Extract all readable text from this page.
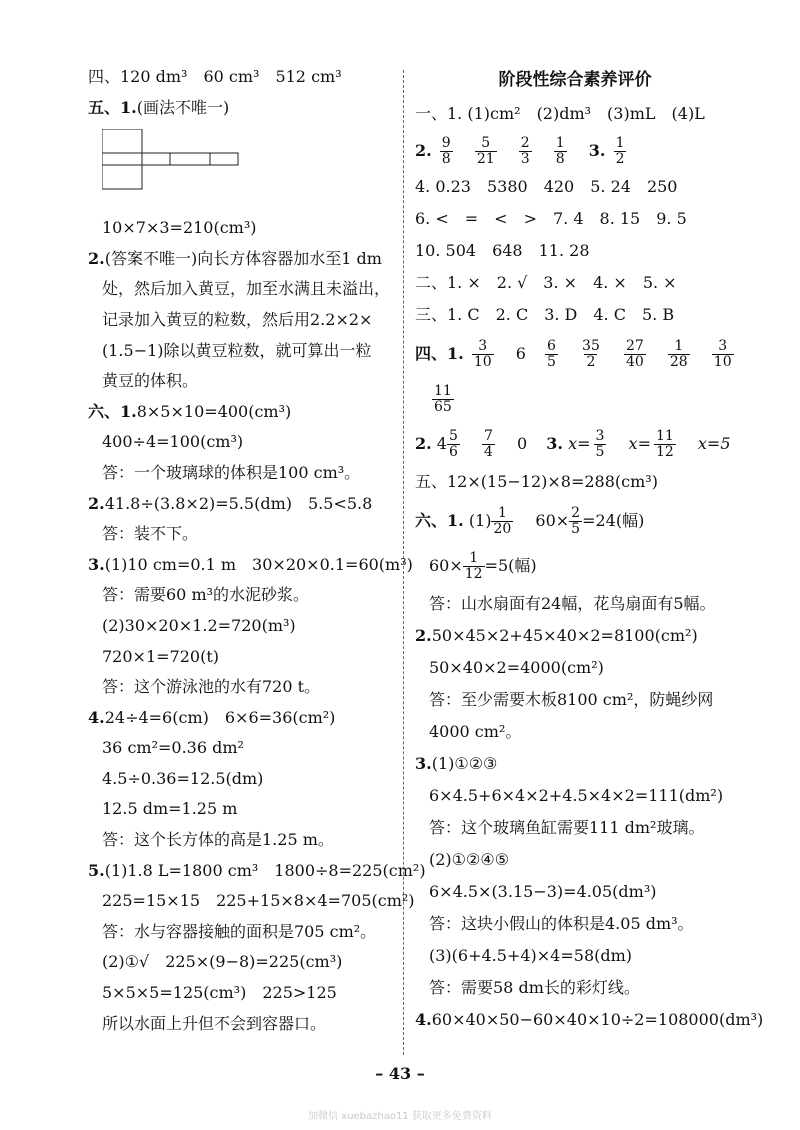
四、120 dm³　60 cm³　512 cm³
五、1.(画法不唯一)
10×7×3=210(cm³)
2.(答案不唯一)向长方体容器加水至1 dm
处，然后加入黄豆，加至水满且未溢出，
记录加入黄豆的粒数，然后用2.2×2×
(1.5−1)除以黄豆粒数，就可算出一粒
黄豆的体积。
六、1.8×5×10=400(cm³)
400÷4=100(cm³)
答：一个玻璃球的体积是100 cm³。
2.41.8÷(3.8×2)=5.5(dm)　5.5<5.8
答：装不下。
3.(1)10 cm=0.1 m　30×20×0.1=60(m³)
答：需要60 m³的水泥砂浆。
(2)30×20×1.2=720(m³)
720×1=720(t)
答：这个游泳池的水有720 t。
4.24÷4=6(cm)　6×6=36(cm²)
36 cm²=0.36 dm²
4.5÷0.36=12.5(dm)
12.5 dm=1.25 m
答：这个长方体的高是1.25 m。
5.(1)1.8 L=1800 cm³　1800÷8=225(cm²)
225=15×15　225+15×8×4=705(cm²)
答：水与容器接触的面积是705 cm²。
(2)①√　225×(9−8)=225(cm³)
5×5×5=125(cm³)　225>125
所以水面上升但不会到容器口。
阶段性综合素养评价
一、1. (1)cm²　(2)dm³　(3)mL　(4)L
2. $\frac{9}{8}$
$\frac{5}{21}$
$\frac{2}{3}$
$\frac{1}{8} 3$. $\frac{1}{2}$
4. 0.23　5380　420　5. 24　250
6. <　=　<　>　7. 4　8. 15　9. 5
10. 504　648　11. 28
二、1. ×　2. √　3. ×　4. ×　5. ×
三、1. C　2. C　3. D　4. C　5. B
四、1. $\frac{3}{10} 6 \frac{6}{5}$
$\frac{35}{2}$
$\frac{27}{40}$
$\frac{1}{28}$
$\frac{3}{10}$
$\frac{11}{65}$
2. $4 \frac{5}{6}$
$\frac{7}{4} 0$ 3. $x= \frac{3}{5} x= \frac{11}{12} x=5$
五、12×(15−12)×8=288(cm³)
六、1. $(1) \frac{1}{20} 60\times \frac{2}{5} =24$(幅)
$60\times \frac{1}{12} =5$(幅)
答：山水扇面有24幅，花鸟扇面有5幅。
2.50×45×2+45×40×2=8100(cm²)
50×40×2=4000(cm²)
答：至少需要木板8100 cm²，防蝇纱网
4000 cm²。
3.(1)①②③
6×4.5+6×4×2+4.5×4×2=111(dm²)
答：这个玻璃鱼缸需要111 dm²玻璃。
(2)①②④⑤
6×4.5×(3.15−3)=4.05(dm³)
答：这块小假山的体积是4.05 dm³。
(3)(6+4.5+4)×4=58(dm)
答：需要58 dm长的彩灯线。
4.60×40×50−60×40×10÷2=108000(dm³)
– 43 –
加微信 xuebazhao11 获取更多免费资料
